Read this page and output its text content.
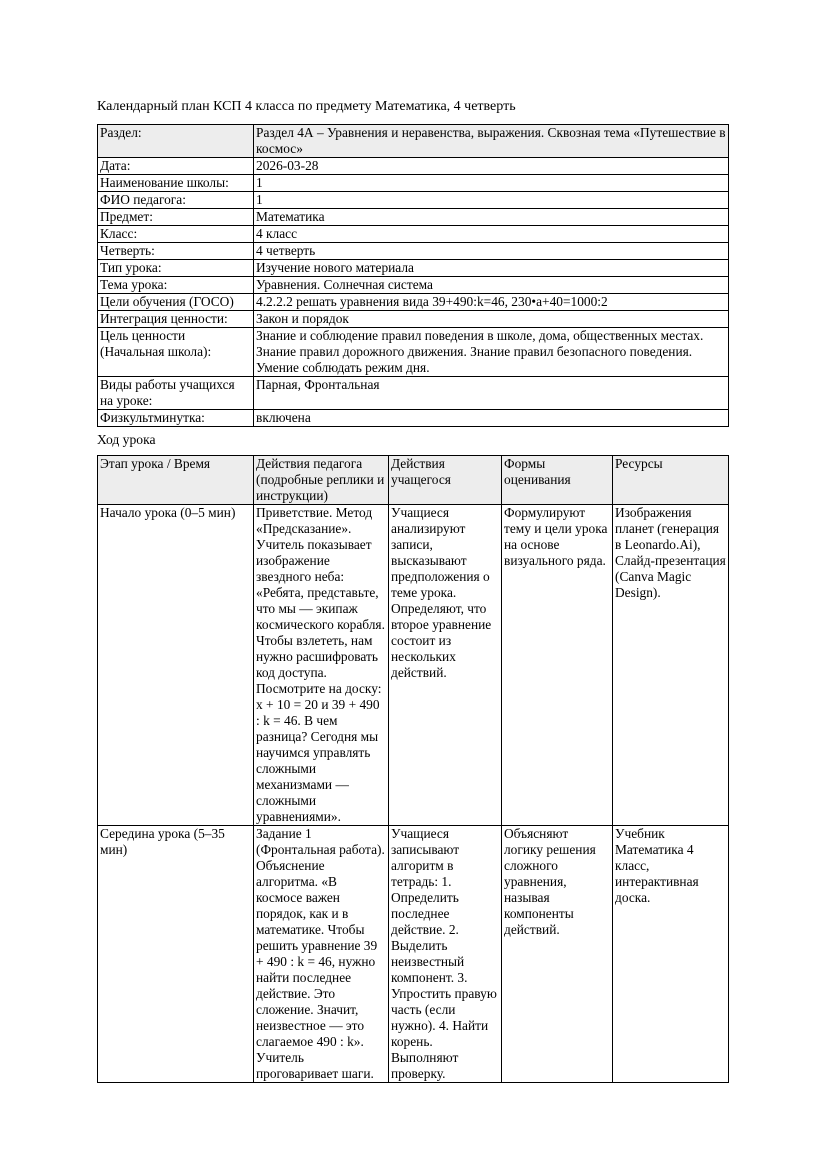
Календарный план КСП 4 класса по предмету Математика, 4 четверть

Раздел:	Раздел 4А – Уравнения и неравенства, выражения. Сквозная тема «Путешествие в космос»
Дата:	2026-03-28
Наименование школы:	1
ФИО педагога:	1
Предмет:	Математика
Класс:	4 класс
Четверть:	4 четверть
Тип урока:	Изучение нового материала
Тема урока:	Уравнения. Солнечная система
Цели обучения (ГОСО)	4.2.2.2 решать уравнения вида 39+490:k=46, 230•a+40=1000:2
Интеграция ценности:	Закон и порядок
Цель ценности (Начальная школа):	Знание и соблюдение правил поведения в школе, дома, общественных местах. Знание правил дорожного движения. Знание правил безопасного поведения. Умение соблюдать режим дня.
Виды работы учащихся на уроке:	Парная, Фронтальная
Физкультминутка:	включена

Ход урока

Этап урока / Время	Действия педагога (подробные реплики и инструкции)	Действия учащегося	Формы оценивания	Ресурсы
Начало урока (0–5 мин)	Приветствие. Метод «Предсказание». Учитель показывает изображение звездного неба: «Ребята, представьте, что мы — экипаж космического корабля. Чтобы взлететь, нам нужно расшифровать код доступа. Посмотрите на доску: x + 10 = 20 и 39 + 490 : k = 46. В чем разница? Сегодня мы научимся управлять сложными механизмами — сложными уравнениями».	Учащиеся анализируют записи, высказывают предположения о теме урока. Определяют, что второе уравнение состоит из нескольких действий.	Формулируют тему и цели урока на основе визуального ряда.	Изображения планет (генерация в Leonardo.Ai), Слайд-презентация (Canva Magic Design).
Середина урока (5–35 мин)	Задание 1 (Фронтальная работа). Объяснение алгоритма. «В космосе важен порядок, как и в математике. Чтобы решить уравнение 39 + 490 : k = 46, нужно найти последнее действие. Это сложение. Значит, неизвестное — это слагаемое 490 : k». Учитель проговаривает шаги.	Учащиеся записывают алгоритм в тетрадь: 1. Определить последнее действие. 2. Выделить неизвестный компонент. 3. Упростить правую часть (если нужно). 4. Найти корень. Выполняют проверку.	Объясняют логику решения сложного уравнения, называя компоненты действий.	Учебник Математика 4 класс, интерактивная доска.
